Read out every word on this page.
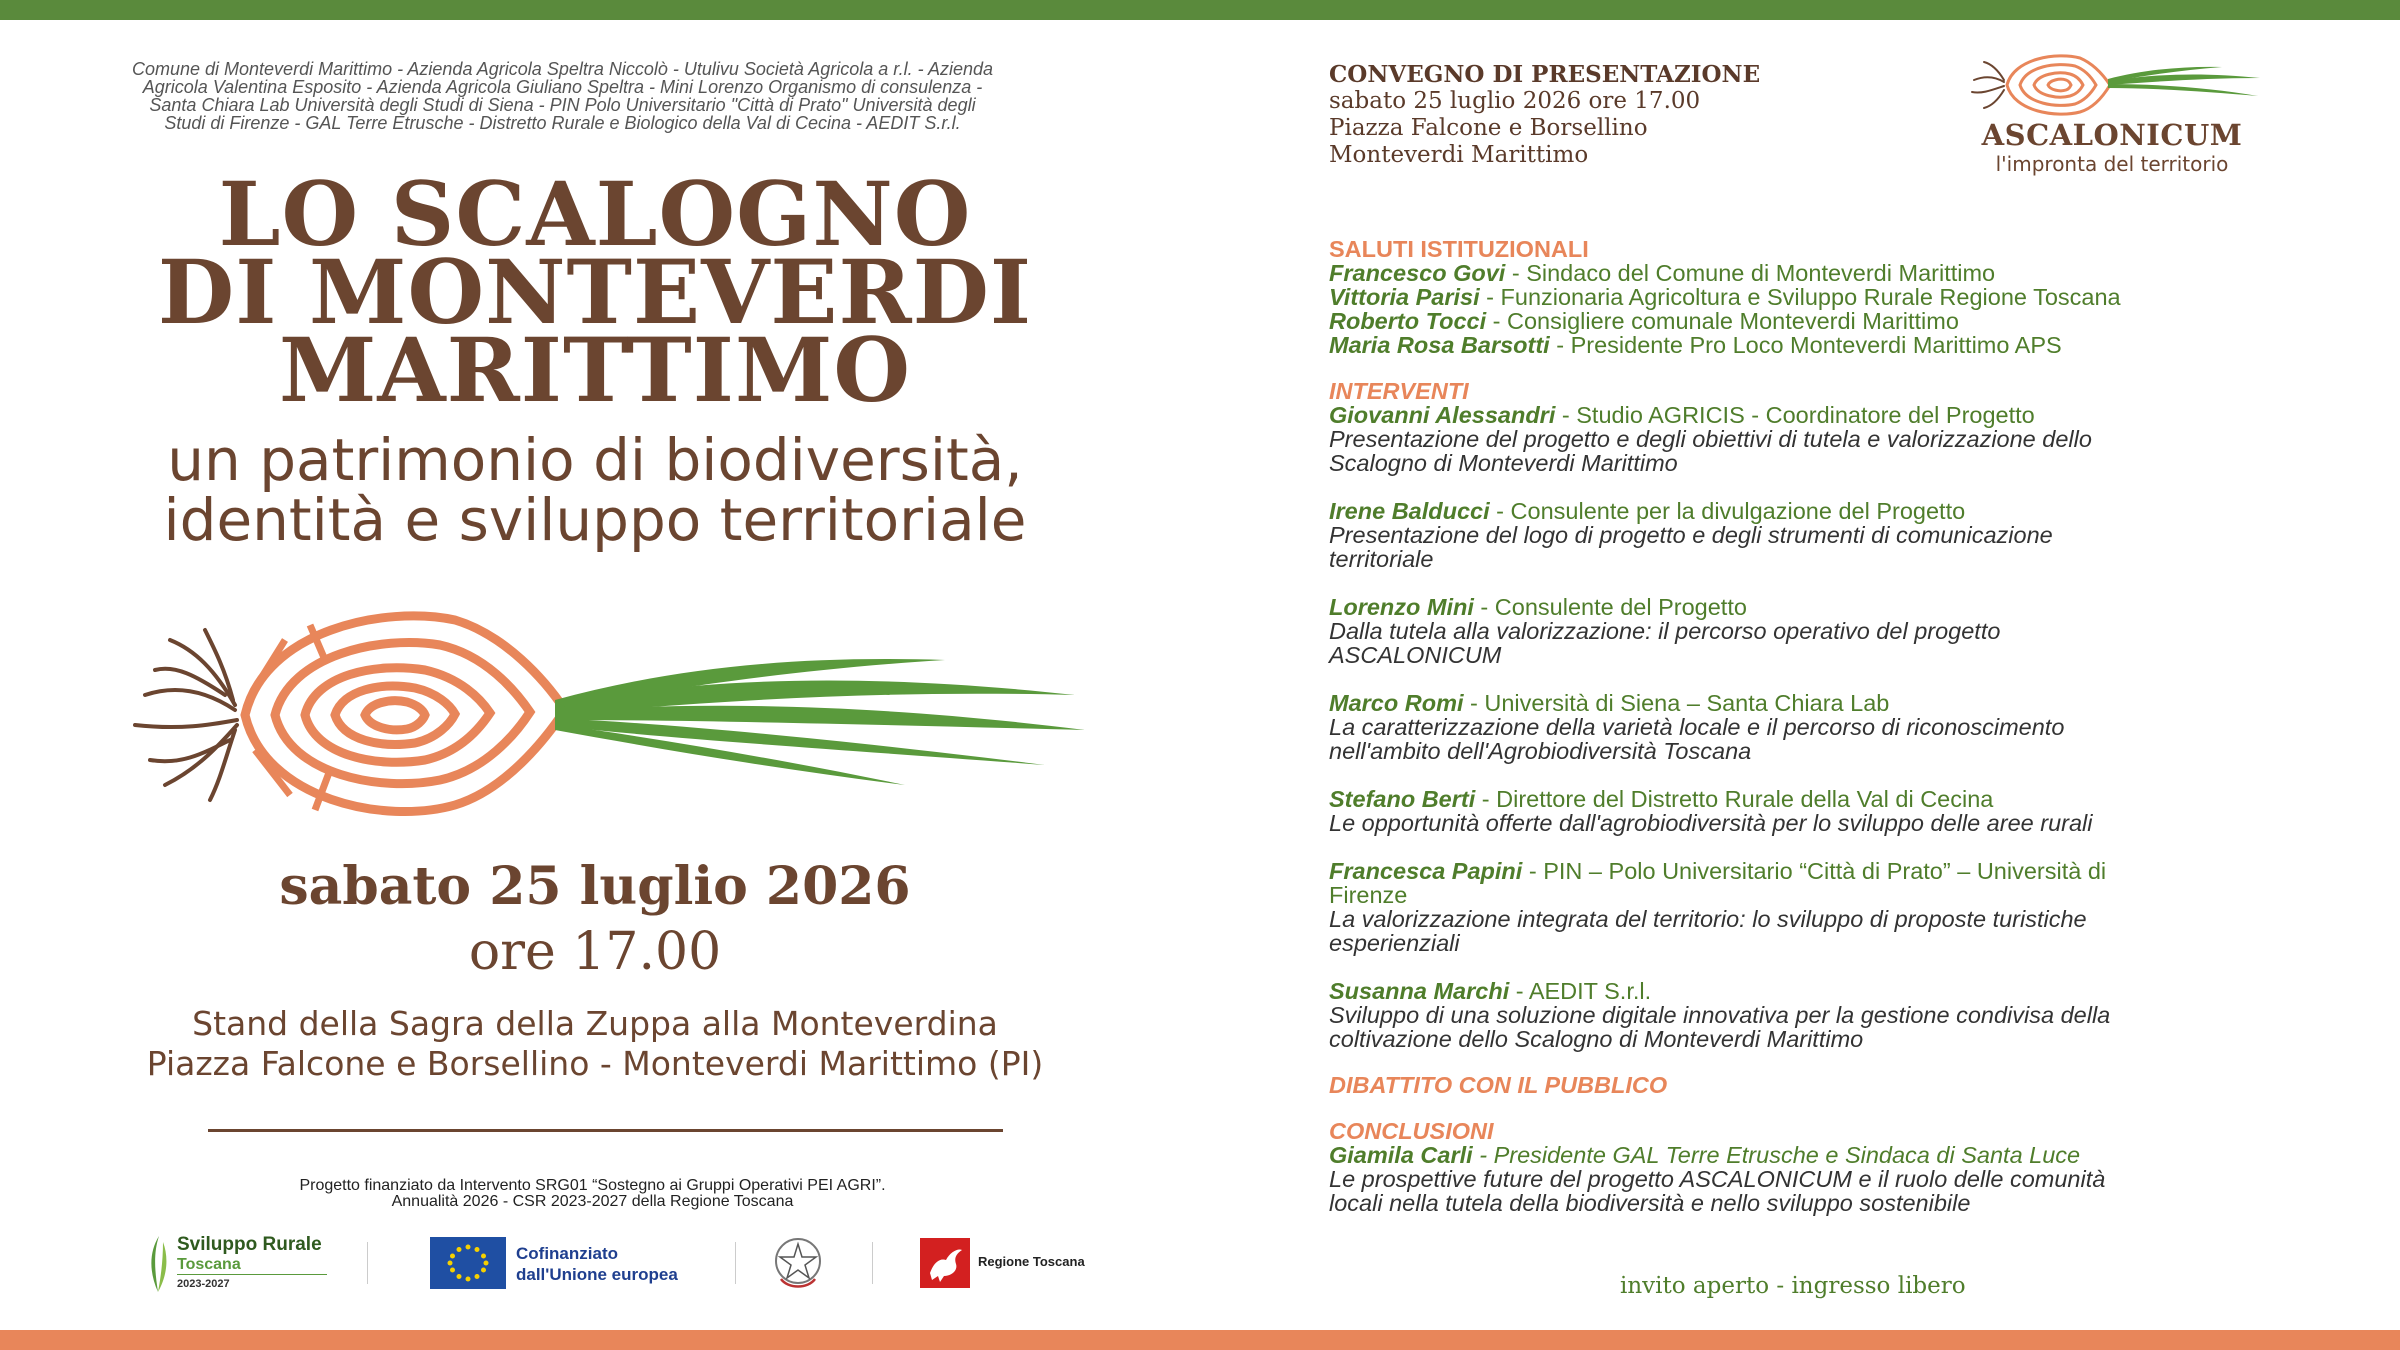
Comune di Monteverdi Marittimo - Azienda Agricola Speltra Niccolò - Utulivu Società Agricola a r.l. - Azienda
Agricola Valentina Esposito - Azienda Agricola Giuliano Speltra - Mini Lorenzo Organismo di consulenza -
Santa Chiara Lab Università degli Studi di Siena - PIN Polo Universitario "Città di Prato" Università degli
Studi di Firenze - GAL Terre Etrusche - Distretto Rurale e Biologico della Val di Cecina - AEDIT S.r.l.
LO SCALOGNO
DI MONTEVERDI
MARITTIMO
un patrimonio di biodiversità,
identità e sviluppo territoriale
sabato 25 luglio 2026
ore 17.00
Stand della Sagra della Zuppa alla Monteverdina
Piazza Falcone e Borsellino - Monteverdi Marittimo (PI)
Progetto finanziato da Intervento SRG01 “Sostegno ai Gruppi Operativi PEI AGRI”.
Annualità 2026 - CSR 2023-2027 della Regione Toscana
Sviluppo Rurale
Toscana
2023-2027
Cofinanziato
dall'Unione europea
Regione Toscana
CONVEGNO DI PRESENTAZIONE
sabato 25 luglio 2026 ore 17.00
Piazza Falcone e Borsellino
Monteverdi Marittimo
ASCALONICUM
l'impronta del territorio
SALUTI ISTITUZIONALI
Francesco Govi - Sindaco del Comune di Monteverdi Marittimo
Vittoria Parisi - Funzionaria Agricoltura e Sviluppo Rurale Regione Toscana
Roberto Tocci - Consigliere comunale Monteverdi Marittimo
Maria Rosa Barsotti - Presidente Pro Loco Monteverdi Marittimo APS
INTERVENTI
Giovanni Alessandri - Studio AGRICIS - Coordinatore del Progetto
Presentazione del progetto e degli obiettivi di tutela e valorizzazione dello
Scalogno di Monteverdi Marittimo
Irene Balducci - Consulente per la divulgazione del Progetto
Presentazione del logo di progetto e degli strumenti di comunicazione
territoriale
Lorenzo Mini - Consulente del Progetto
Dalla tutela alla valorizzazione: il percorso operativo del progetto
ASCALONICUM
Marco Romi - Università di Siena – Santa Chiara Lab
La caratterizzazione della varietà locale e il percorso di riconoscimento
nell'ambito dell'Agrobiodiversità Toscana
Stefano Berti - Direttore del Distretto Rurale della Val di Cecina
Le opportunità offerte dall'agrobiodiversità per lo sviluppo delle aree rurali
Francesca Papini - PIN – Polo Universitario “Città di Prato” – Università di
Firenze
La valorizzazione integrata del territorio: lo sviluppo di proposte turistiche
esperienziali
Susanna Marchi - AEDIT S.r.l.
Sviluppo di una soluzione digitale innovativa per la gestione condivisa della
coltivazione dello Scalogno di Monteverdi Marittimo
DIBATTITO CON IL PUBBLICO
CONCLUSIONI
Giamila Carli - Presidente GAL Terre Etrusche e Sindaca di Santa Luce
Le prospettive future del progetto ASCALONICUM e il ruolo delle comunità
locali nella tutela della biodiversità e nello sviluppo sostenibile
invito aperto - ingresso libero
